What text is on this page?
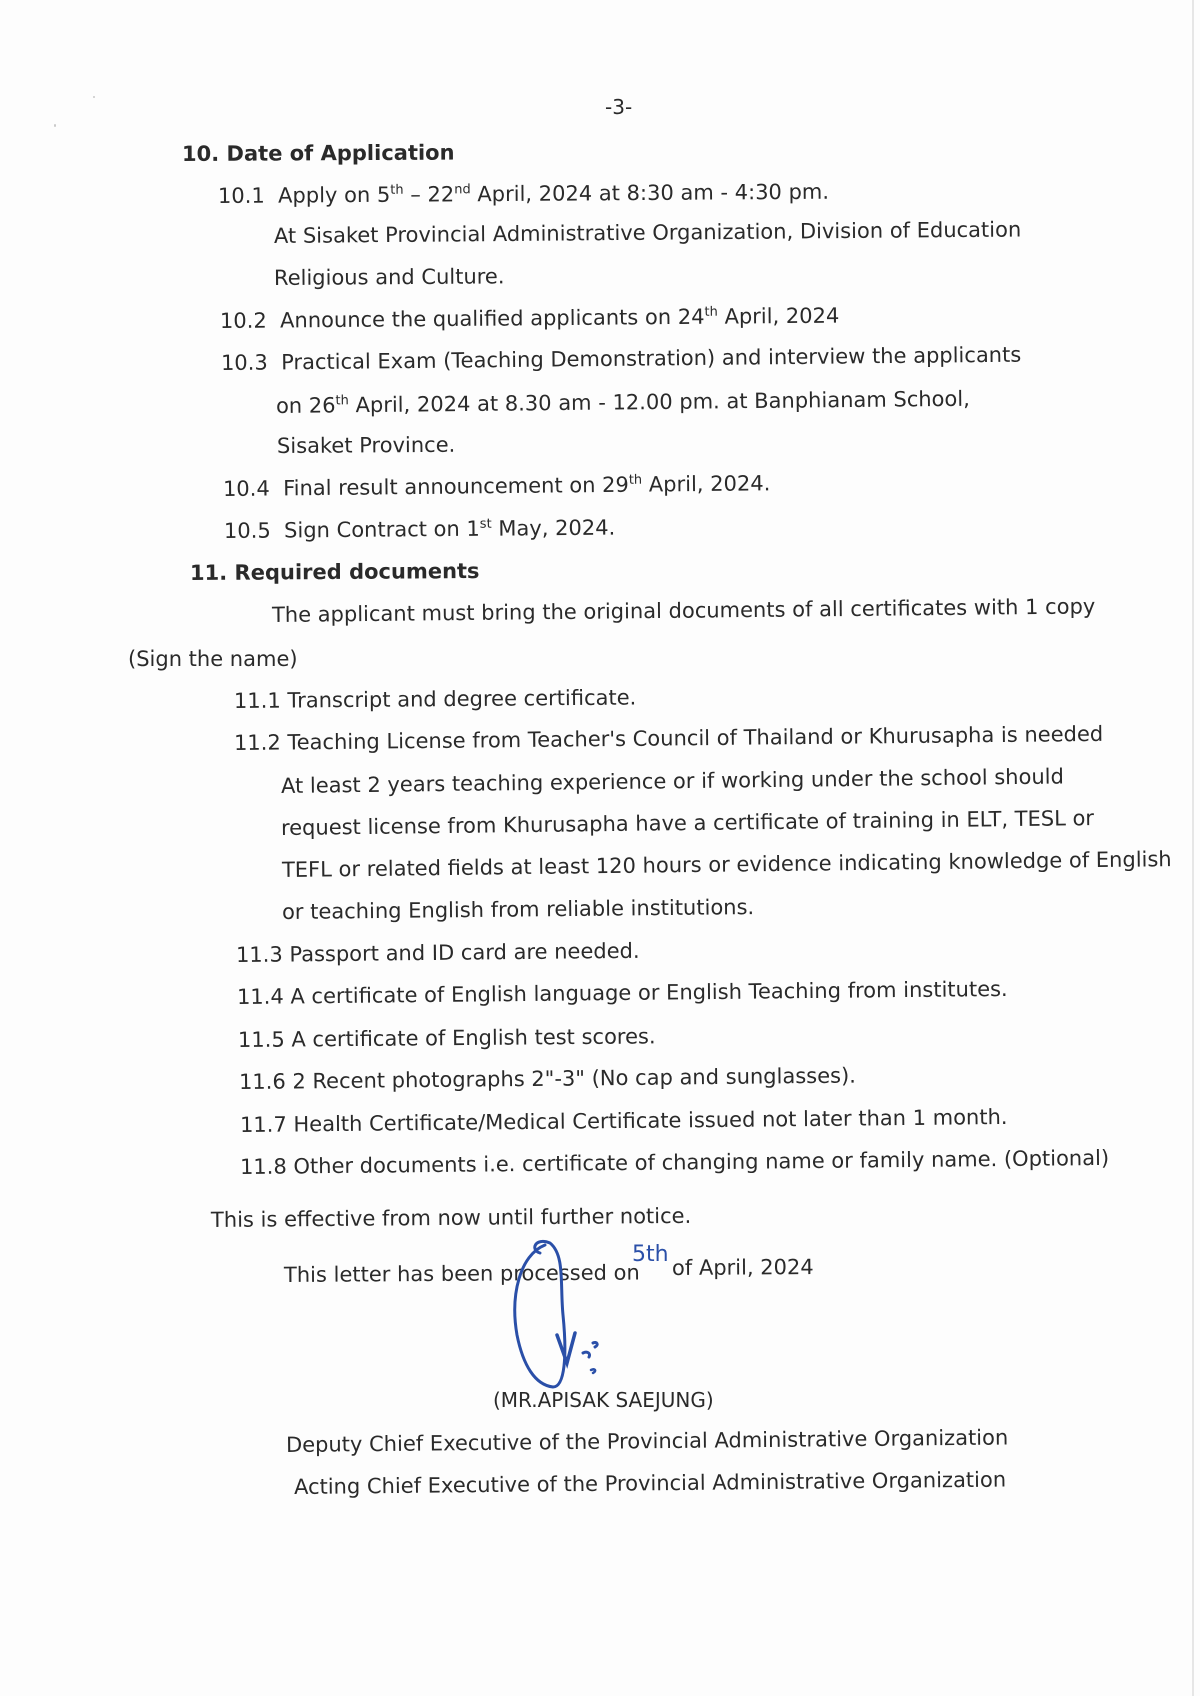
-3-
10. Date of Application
10.1 Apply on 5th – 22nd April, 2024 at 8:30 am - 4:30 pm.
At Sisaket Provincial Administrative Organization, Division of Education
Religious and Culture.
10.2 Announce the qualified applicants on 24th April, 2024
10.3 Practical Exam (Teaching Demonstration) and interview the applicants
on 26th April, 2024 at 8.30 am - 12.00 pm. at Banphianam School,
Sisaket Province.
10.4 Final result announcement on 29th April, 2024.
10.5 Sign Contract on 1st May, 2024.
11. Required documents
The applicant must bring the original documents of all certificates with 1 copy
(Sign the name)
11.1 Transcript and degree certificate.
11.2 Teaching License from Teacher's Council of Thailand or Khurusapha is needed
At least 2 years teaching experience or if working under the school should
request license from Khurusapha have a certificate of training in ELT, TESL or
TEFL or related fields at least 120 hours or evidence indicating knowledge of English
or teaching English from reliable institutions.
11.3 Passport and ID card are needed.
11.4 A certificate of English language or English Teaching from institutes.
11.5 A certificate of English test scores.
11.6 2 Recent photographs 2"-3" (No cap and sunglasses).
11.7 Health Certificate/Medical Certificate issued not later than 1 month.
11.8 Other documents i.e. certificate of changing name or family name. (Optional)
This is effective from now until further notice.
This letter has been processed on
5th
of April, 2024
(MR.APISAK SAEJUNG)
Deputy Chief Executive of the Provincial Administrative Organization
Acting Chief Executive of the Provincial Administrative Organization
